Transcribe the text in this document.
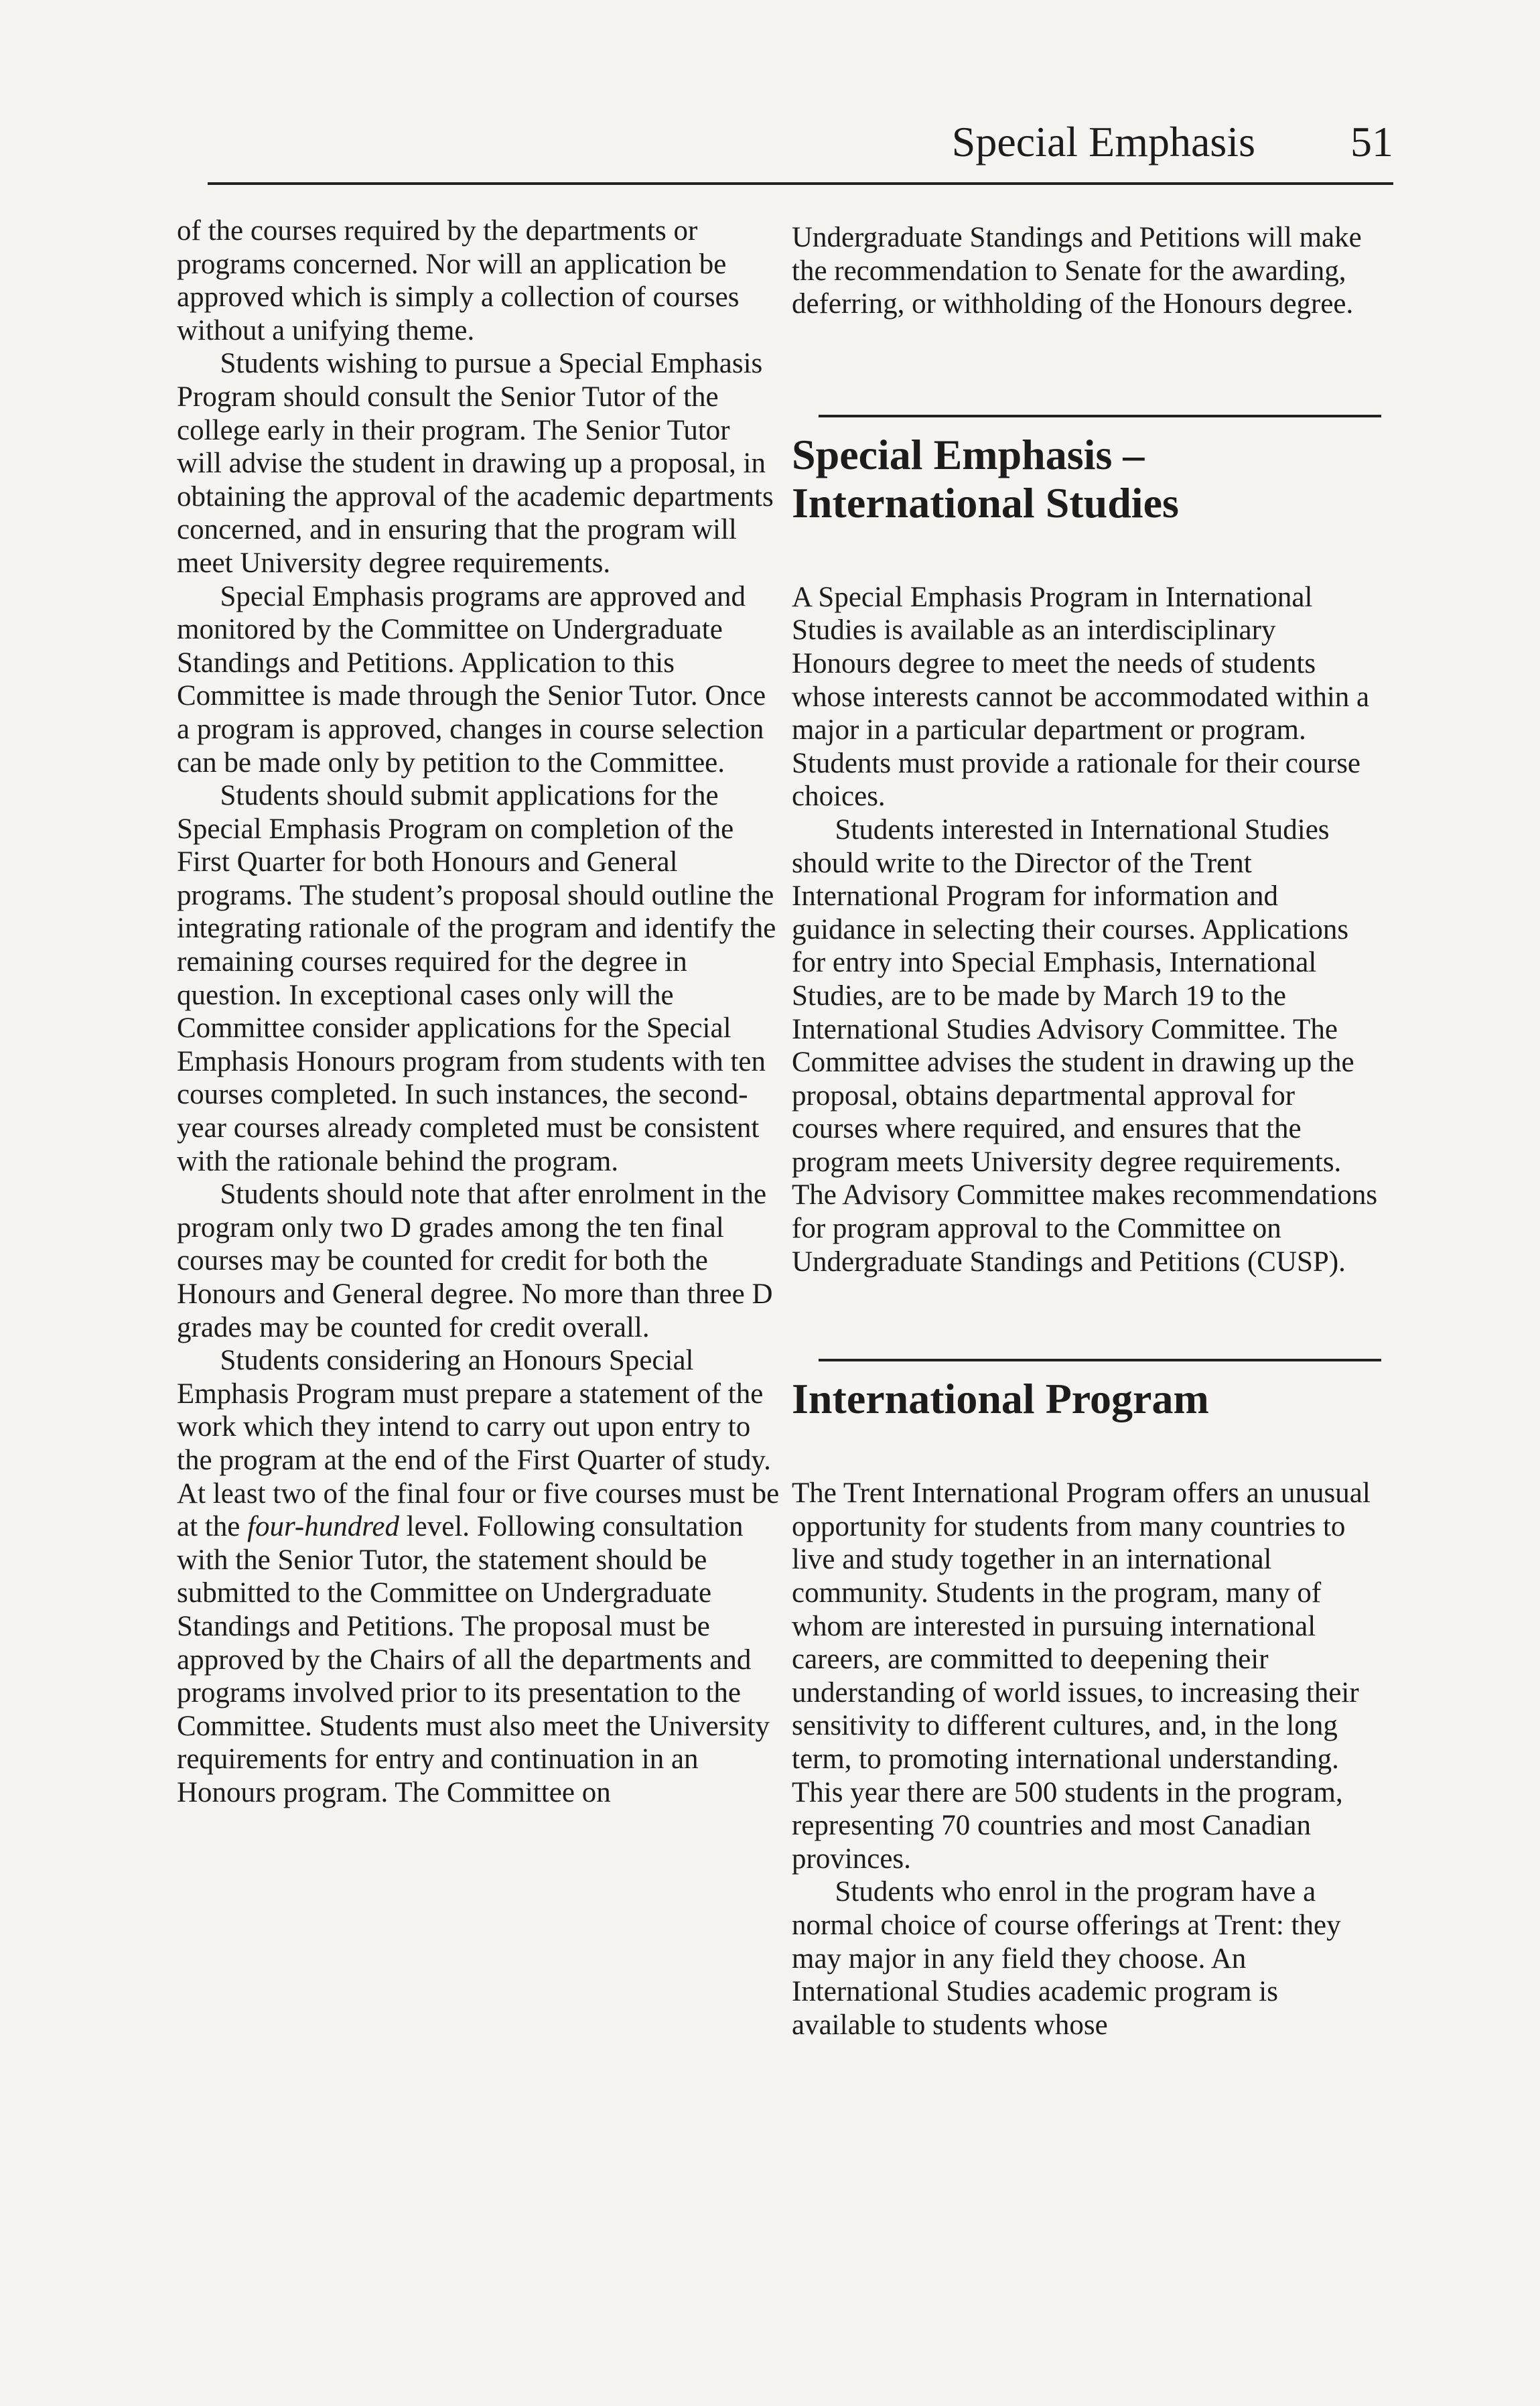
Special Emphasis 51

of the courses required by the departments or programs concerned. Nor will an application be approved which is simply a collection of courses without a unifying theme.

Students wishing to pursue a Special Emphasis Program should consult the Senior Tutor of the college early in their program. The Senior Tutor will advise the student in drawing up a proposal, in obtaining the approval of the academic departments concerned, and in ensuring that the program will meet University degree requirements.

Special Emphasis programs are approved and monitored by the Committee on Undergraduate Standings and Petitions. Application to this Committee is made through the Senior Tutor. Once a program is approved, changes in course selection can be made only by petition to the Committee.

Students should submit applications for the Special Emphasis Program on completion of the First Quarter for both Honours and General programs. The student’s proposal should outline the integrating rationale of the program and identify the remaining courses required for the degree in question. In exceptional cases only will the Committee consider applications for the Special Emphasis Honours program from students with ten courses completed. In such instances, the second-year courses already completed must be consistent with the rationale behind the program.

Students should note that after enrolment in the program only two D grades among the ten final courses may be counted for credit for both the Honours and General degree. No more than three D grades may be counted for credit overall.

Students considering an Honours Special Emphasis Program must prepare a statement of the work which they intend to carry out upon entry to the program at the end of the First Quarter of study. At least two of the final four or five courses must be at the four-hundred level. Following consultation with the Senior Tutor, the statement should be submitted to the Committee on Undergraduate Standings and Petitions. The proposal must be approved by the Chairs of all the departments and programs involved prior to its presentation to the Committee. Students must also meet the University requirements for entry and continuation in an Honours program. The Committee on

Undergraduate Standings and Petitions will make the recommendation to Senate for the awarding, deferring, or withholding of the Honours degree.

Special Emphasis –
International Studies

A Special Emphasis Program in International Studies is available as an interdisciplinary Honours degree to meet the needs of students whose interests cannot be accommodated within a major in a particular department or program. Students must provide a rationale for their course choices.

Students interested in International Studies should write to the Director of the Trent International Program for information and guidance in selecting their courses. Applications for entry into Special Emphasis, International Studies, are to be made by March 19 to the International Studies Advisory Committee. The Committee advises the student in drawing up the proposal, obtains departmental approval for courses where required, and ensures that the program meets University degree requirements. The Advisory Committee makes recommendations for program approval to the Committee on Undergraduate Standings and Petitions (CUSP).

International Program

The Trent International Program offers an unusual opportunity for students from many countries to live and study together in an international community. Students in the program, many of whom are interested in pursuing international careers, are committed to deepening their understanding of world issues, to increasing their sensitivity to different cultures, and, in the long term, to promoting international understanding. This year there are 500 students in the program, representing 70 countries and most Canadian provinces.

Students who enrol in the program have a normal choice of course offerings at Trent: they may major in any field they choose. An International Studies academic program is available to students whose
